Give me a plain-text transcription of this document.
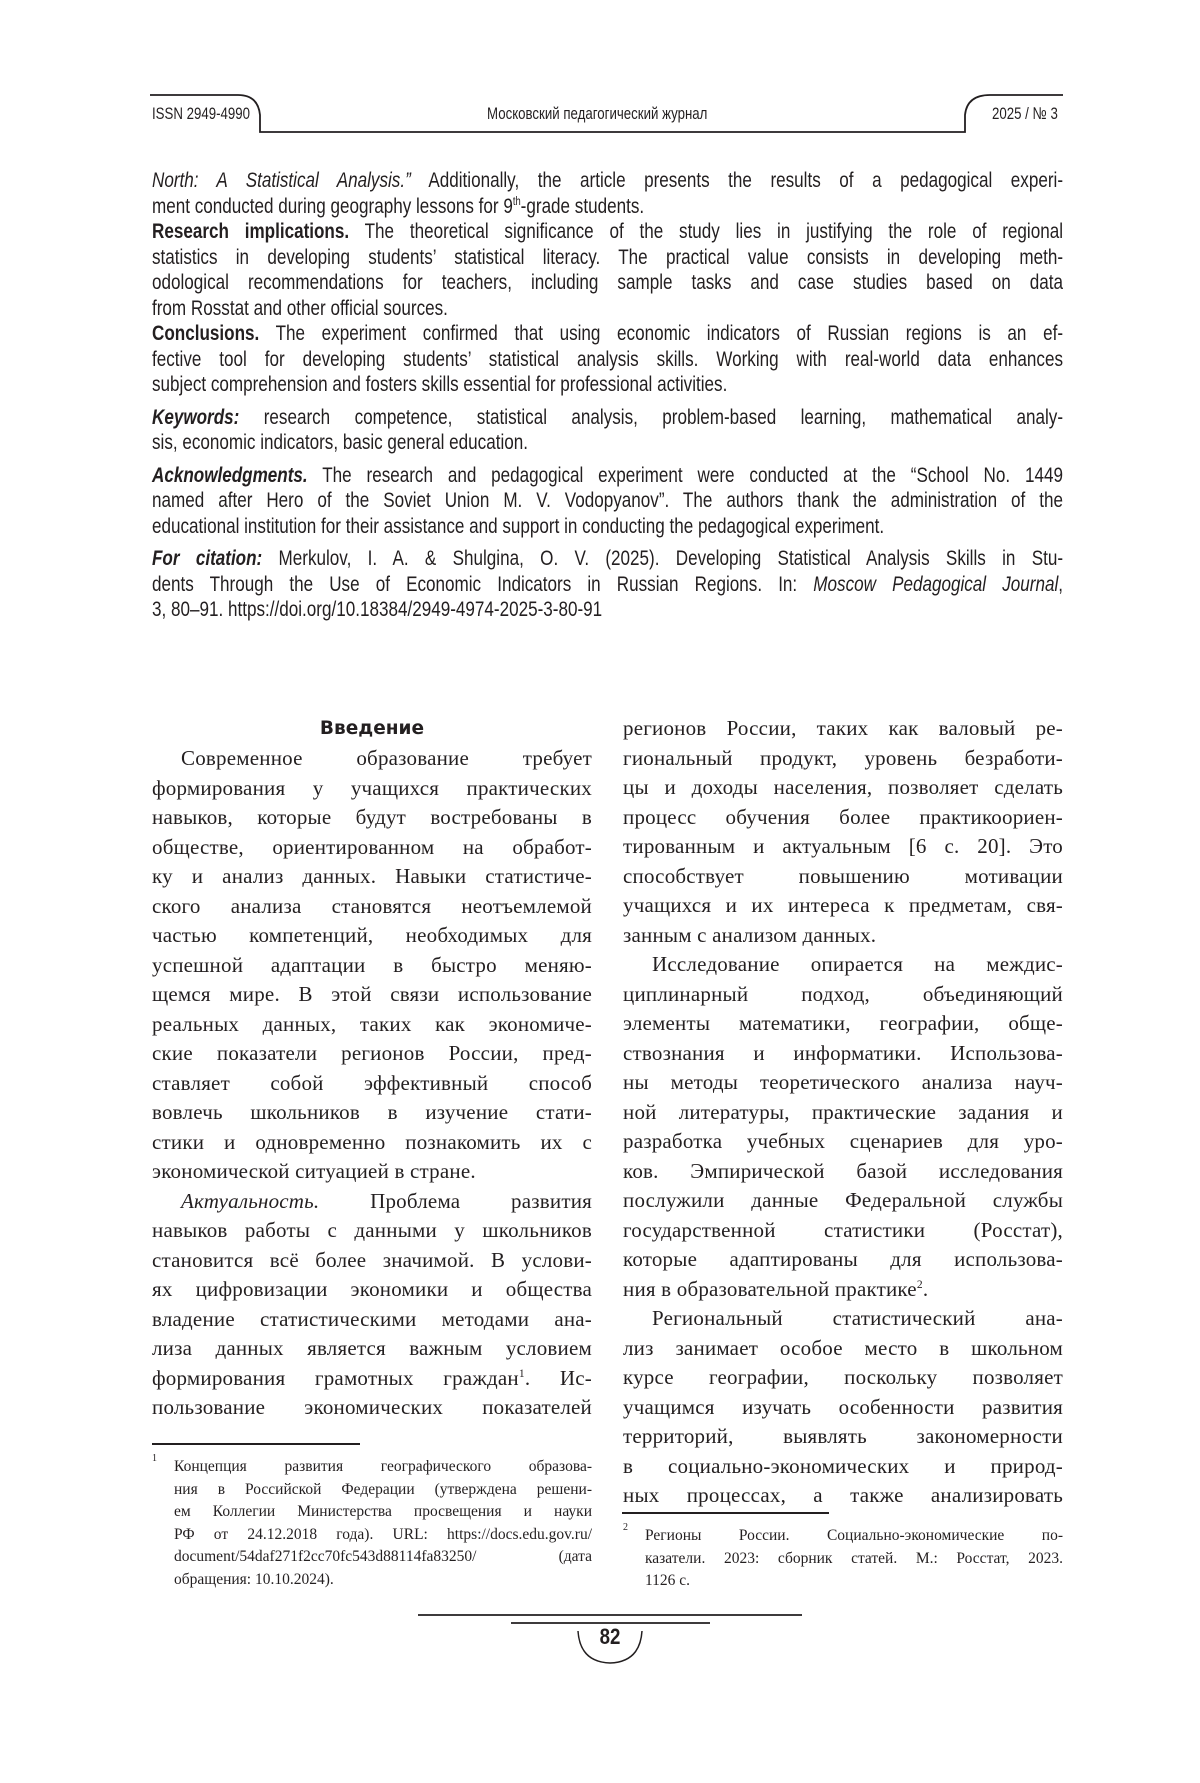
ISSN 2949-4990	Московский педагогический журнал	2025 / № 3
North: A Statistical Analysis.” Additionally, the article presents the results of a pedagogical experi-
ment conducted during geography lessons for 9th-grade students.
Research implications. The theoretical significance of the study lies in justifying the role of regional
statistics in developing students’ statistical literacy. The practical value consists in developing meth-
odological recommendations for teachers, including sample tasks and case studies based on data
from Rosstat and other official sources.
Conclusions. The experiment confirmed that using economic indicators of Russian regions is an ef-
fective tool for developing students’ statistical analysis skills. Working with real-world data enhances
subject comprehension and fosters skills essential for professional activities.
Keywords: research competence, statistical analysis, problem-based learning, mathematical analy-
sis, economic indicators, basic general education.
Acknowledgments. The research and pedagogical experiment were conducted at the “School No. 1449
named after Hero of the Soviet Union M. V. Vodopyanov”. The authors thank the administration of the
educational institution for their assistance and support in conducting the pedagogical experiment.
For citation: Merkulov, I. A. & Shulgina, O. V. (2025). Developing Statistical Analysis Skills in Stu-
dents Through the Use of Economic Indicators in Russian Regions. In: Moscow Pedagogical Journal,
3, 80–91. https://doi.org/10.18384/2949-4974-2025-3-80-91
Введение
Современное образование требует
формирования у учащихся практических
навыков, которые будут востребованы в
обществе, ориентированном на обработ-
ку и анализ данных. Навыки статистиче-
ского анализа становятся неотъемлемой
частью компетенций, необходимых для
успешной адаптации в быстро меняю-
щемся мире. В этой связи использование
реальных данных, таких как экономиче-
ские показатели регионов России, пред-
ставляет собой эффективный способ
вовлечь школьников в изучение стати-
стики и одновременно познакомить их с
экономической ситуацией в стране.
Актуальность. Проблема развития
навыков работы с данными у школьников
становится всё более значимой. В услови-
ях цифровизации экономики и общества
владение статистическими методами ана-
лиза данных является важным условием
формирования грамотных граждан$^1$. Ис-
пользование экономических показателей
регионов России, таких как валовый ре-
гиональный продукт, уровень безработи-
цы и доходы населения, позволяет сделать
процесс обучения более практикоориен-
тированным и актуальным [6 с. 20]. Это
способствует повышению мотивации
учащихся и их интереса к предметам, свя-
занным с анализом данных.
Исследование опирается на междис-
циплинарный подход, объединяющий
элементы математики, географии, обще-
ствознания и информатики. Использова-
ны методы теоретического анализа науч-
ной литературы, практические задания и
разработка учебных сценариев для уро-
ков. Эмпирической базой исследования
послужили данные Федеральной службы
государственной статистики (Росстат),
которые адаптированы для использова-
ния в образовательной практике$^2$.
Региональный статистический ана-
лиз занимает особое место в школьном
курсе географии, поскольку позволяет
учащимся изучать особенности развития
территорий, выявлять закономерности
в социально-экономических и природ-
ных процессах, а также анализировать
1 Концепция развития географического образова-
ния в Российской Федерации (утверждена решени-
ем Коллегии Министерства просвещения и науки
РФ от 24.12.2018 года). URL: https://docs.edu.gov.ru/
document/54daf271f2cc70fc543d88114fa83250/ (дата
обращения: 10.10.2024).
2 Регионы России. Социально-экономические по-
казатели. 2023: сборник статей. М.: Росстат, 2023.
1126 с.
82
